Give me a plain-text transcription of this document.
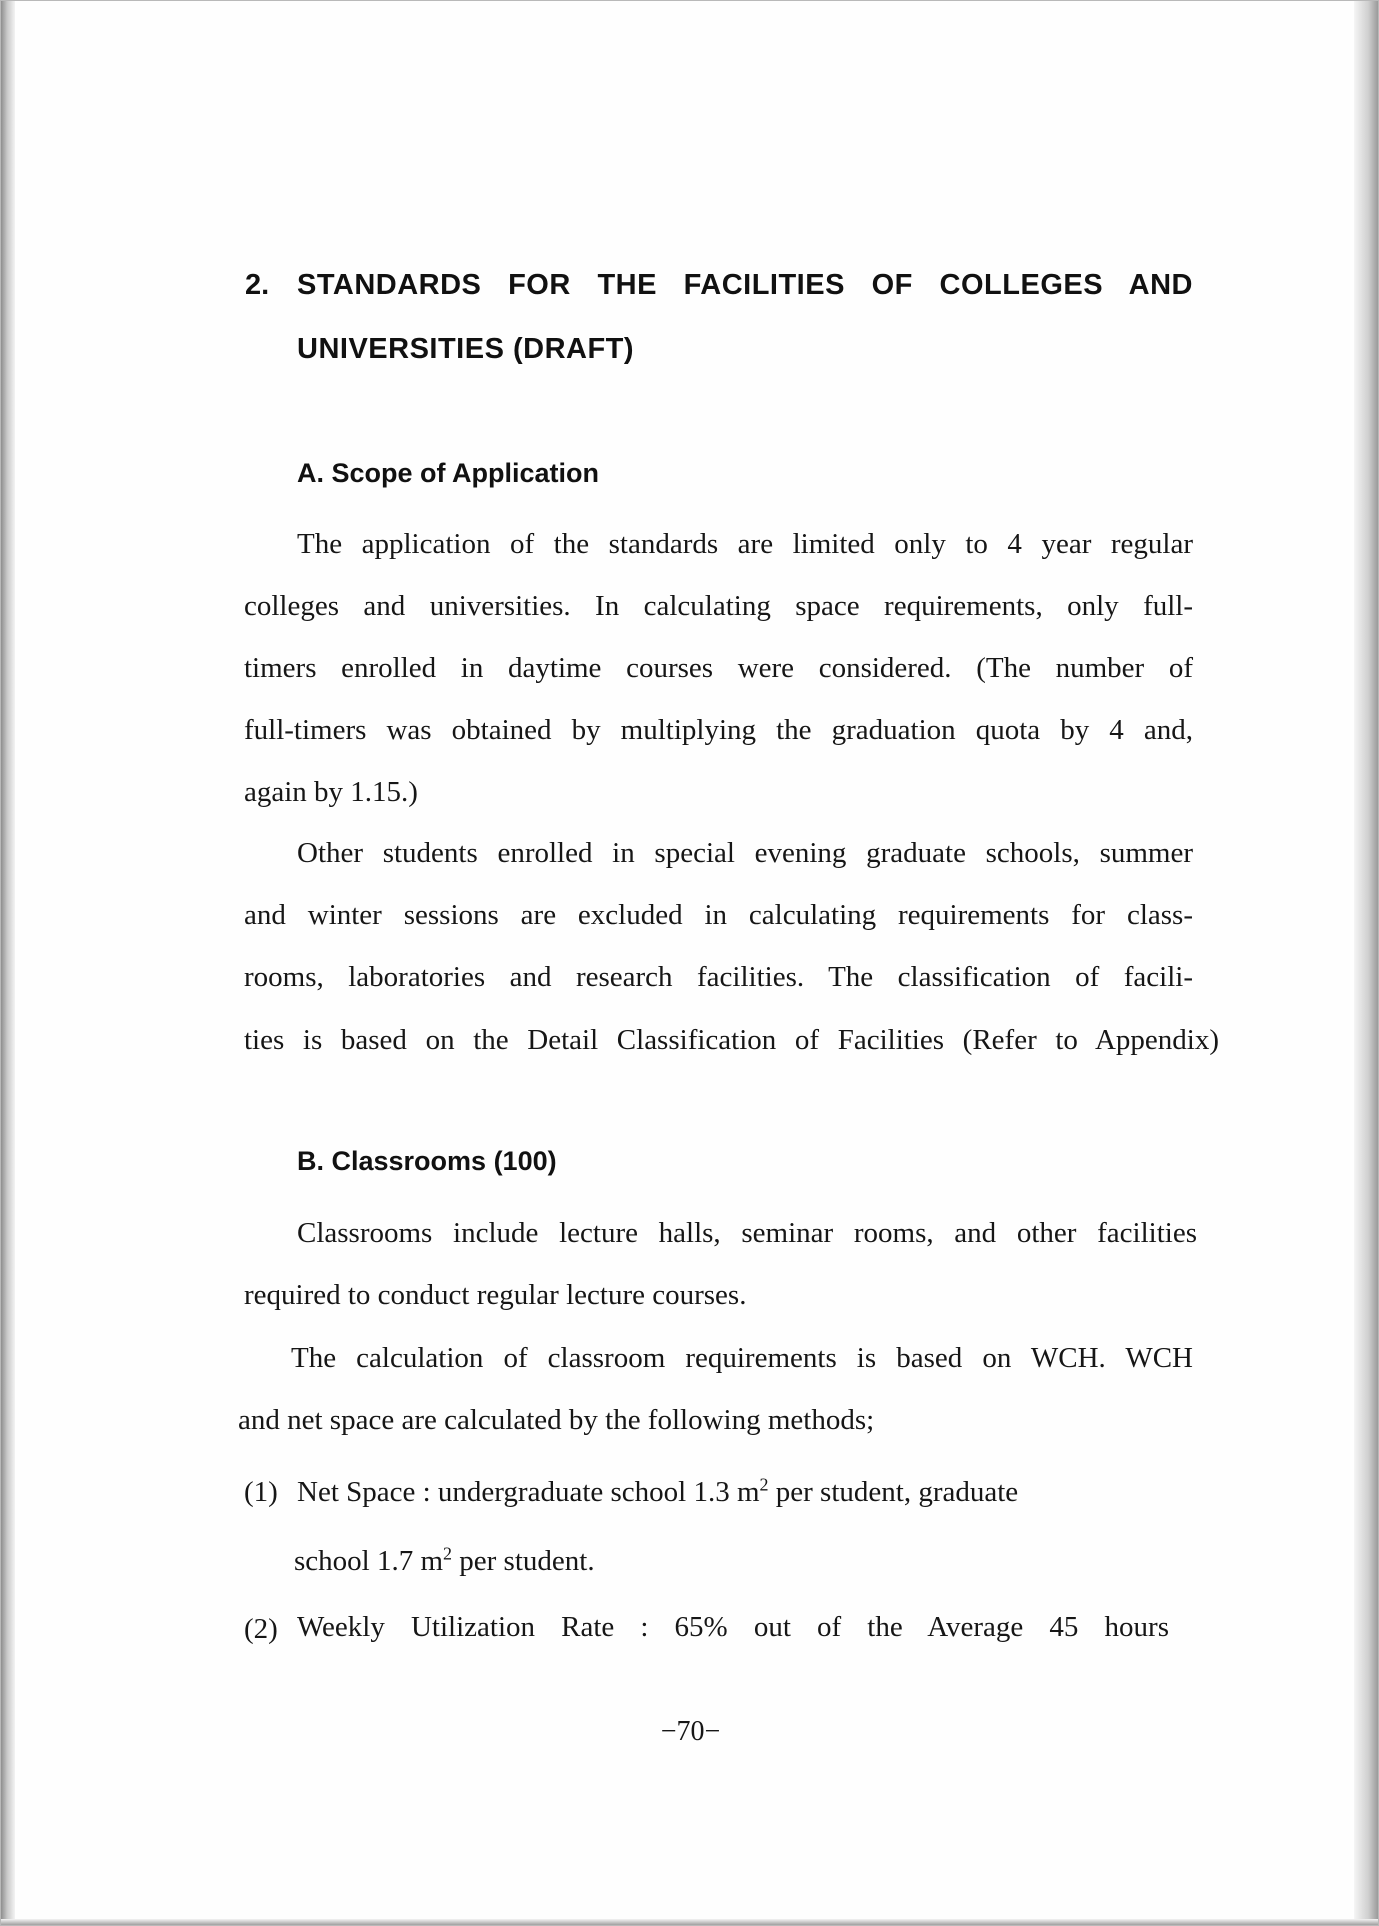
2. STANDARDS FOR THE FACILITIES OF COLLEGES AND
UNIVERSITIES (DRAFT)
A. Scope of Application
The application of the standards are limited only to 4 year regular
colleges and universities. In calculating space requirements, only full-
timers enrolled in daytime courses were considered. (The number of
full-timers was obtained by multiplying the graduation quota by 4 and,
again by 1.15.)
Other students enrolled in special evening graduate schools, summer
and winter sessions are excluded in calculating requirements for class-
rooms, laboratories and research facilities. The classification of facili-
ties is based on the Detail Classification of Facilities (Refer to Appendix)
B. Classrooms (100)
Classrooms include lecture halls, seminar rooms, and other facilities
required to conduct regular lecture courses.
The calculation of classroom requirements is based on WCH. WCH
and net space are calculated by the following methods;
(1) Net Space : undergraduate school 1.3 $m^2$ per student, graduate
school 1.7 $m^2$ per student.
(2) Weekly Utilization Rate : 65% out of the Average 45 hours
−70−
